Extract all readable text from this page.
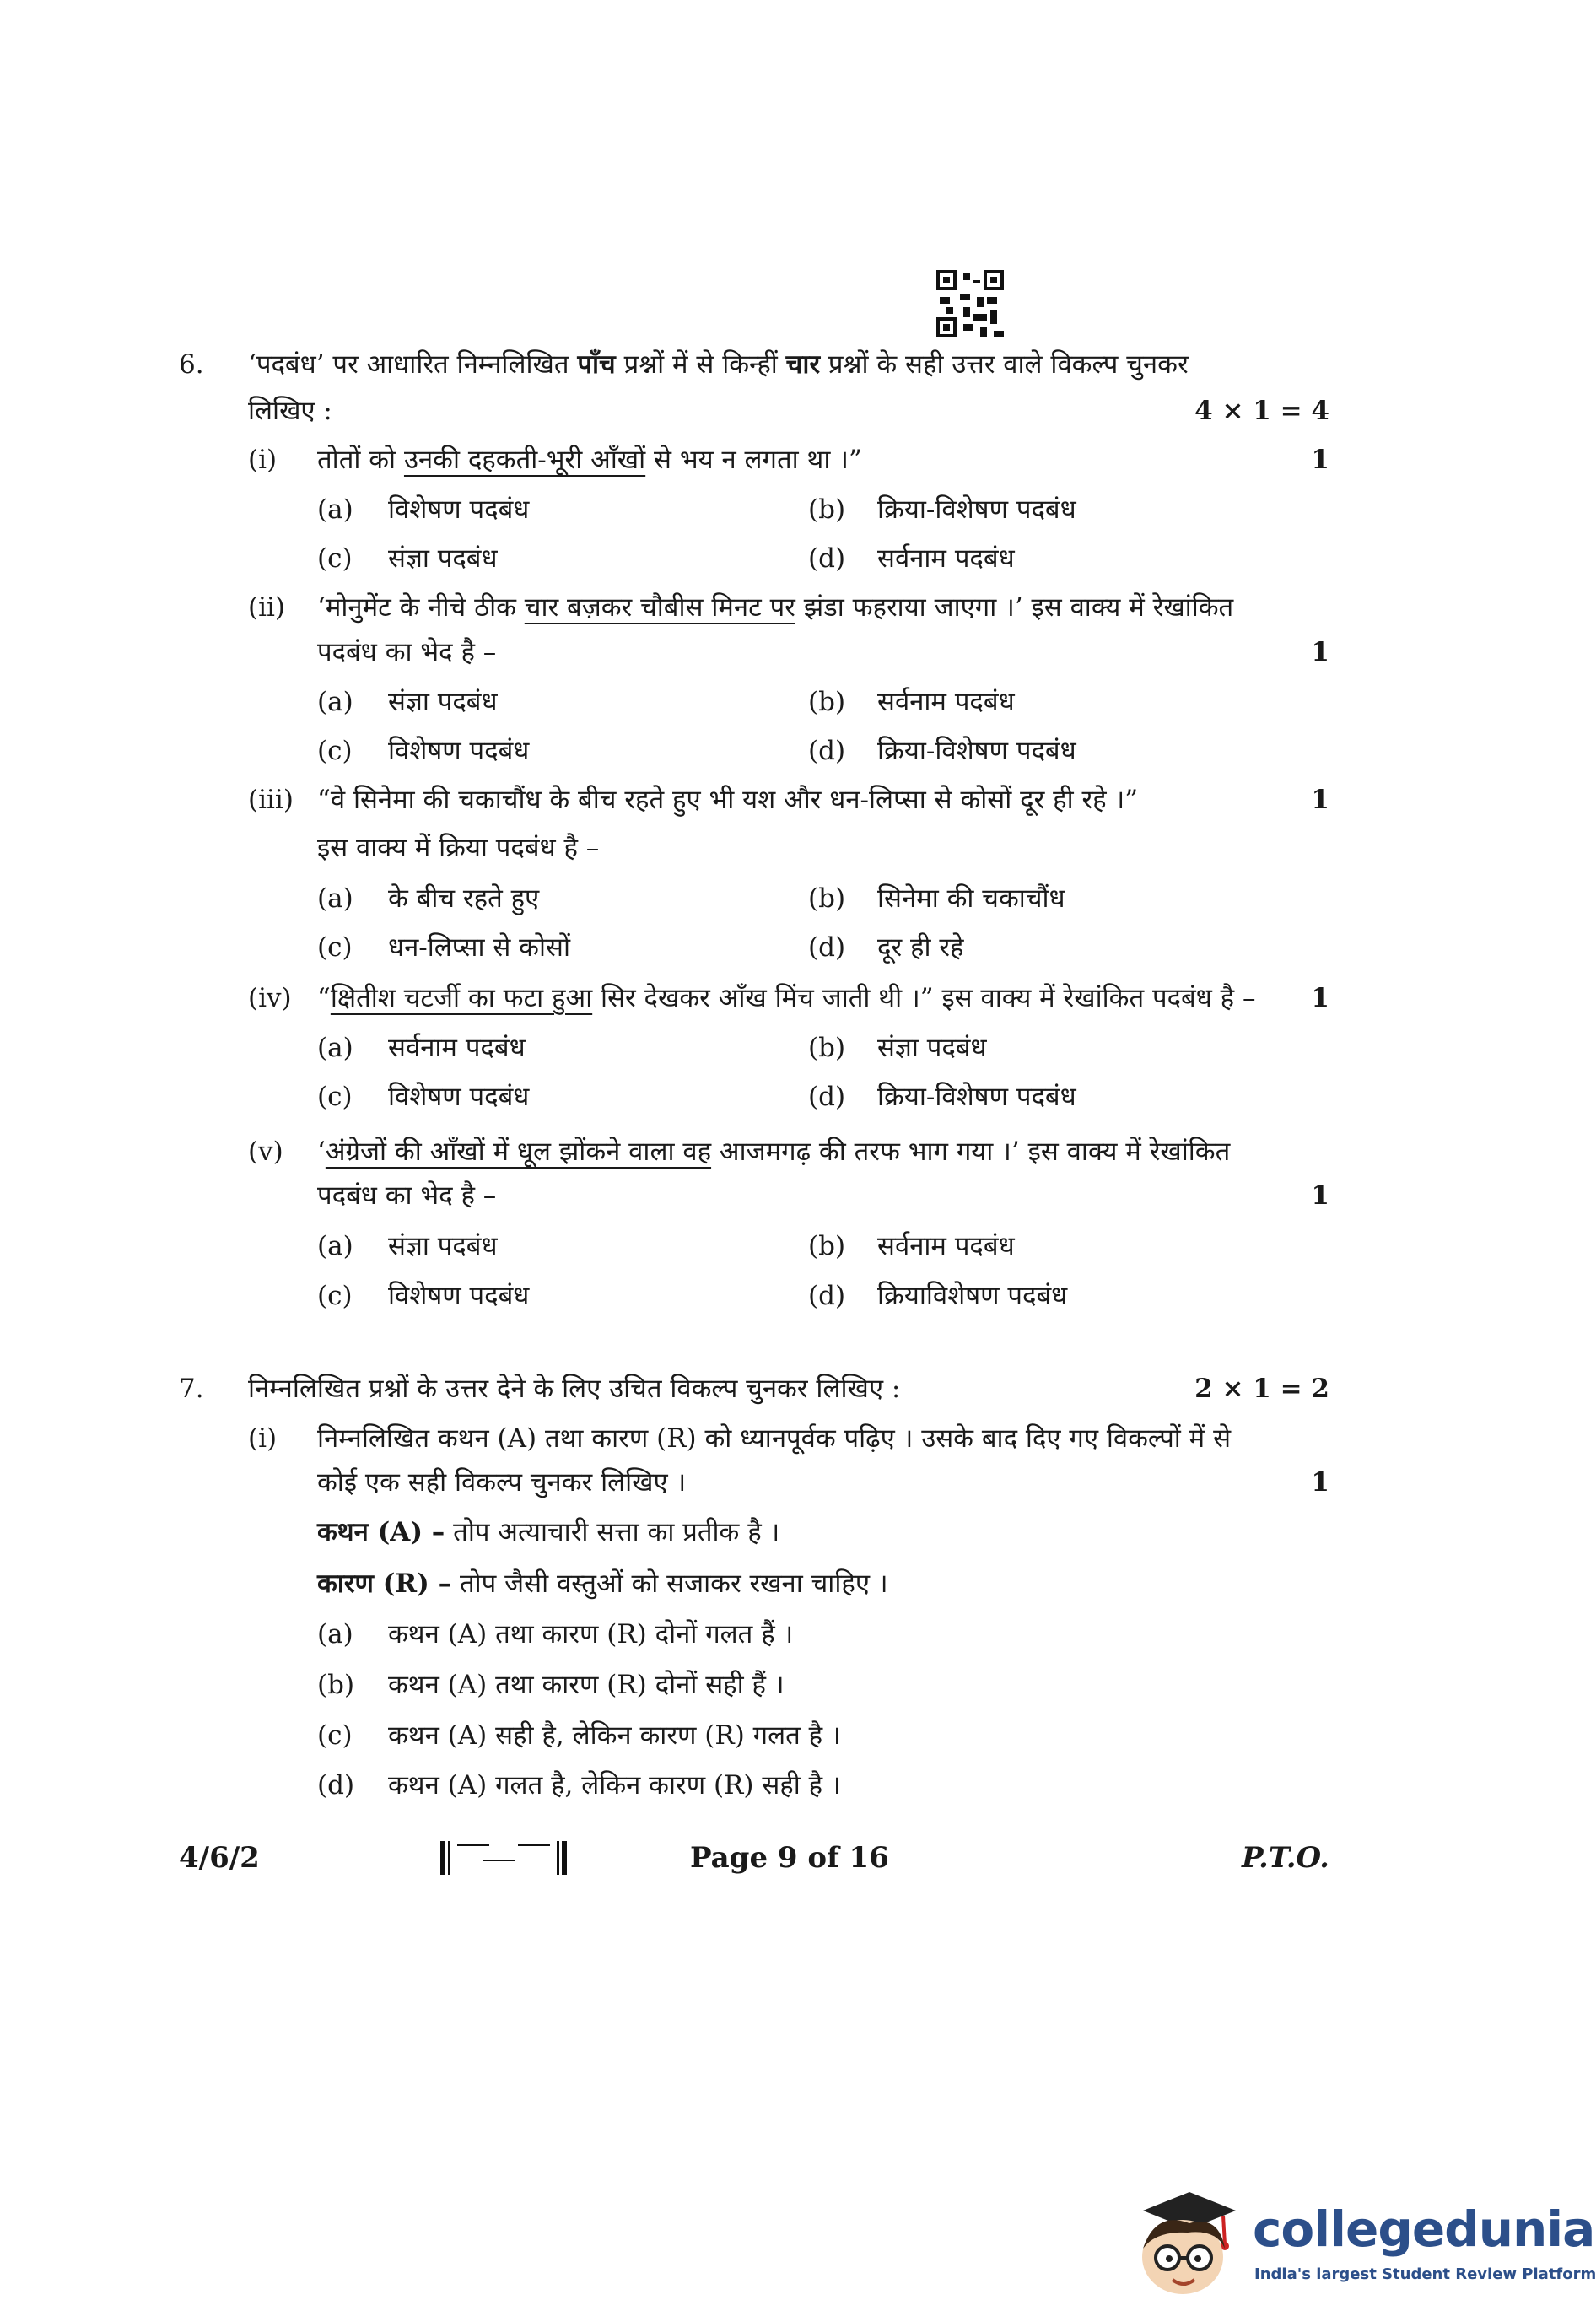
6. ‘पदबंध’ पर आधारित निम्नलिखित पाँच प्रश्नों में से किन्हीं चार प्रश्नों के सही उत्तर वाले विकल्प चुनकर
लिखिए :	4 × 1 = 4
(i) तोतों को उनकी दहकती-भूरी आँखों से भय न लगता था ।”	1
(a) विशेषण पदबंध	(b) क्रिया-विशेषण पदबंध
(c) संज्ञा पदबंध	(d) सर्वनाम पदबंध
(ii) ‘मोनुमेंट के नीचे ठीक चार बज़कर चौबीस मिनट पर झंडा फहराया जाएगा ।’ इस वाक्य में रेखांकित
पदबंध का भेद है –	1
(a) संज्ञा पदबंध	(b) सर्वनाम पदबंध
(c) विशेषण पदबंध	(d) क्रिया-विशेषण पदबंध
(iii) “वे सिनेमा की चकाचौंध के बीच रहते हुए भी यश और धन-लिप्सा से कोसों दूर ही रहे ।”	1
इस वाक्य में क्रिया पदबंध है –
(a) के बीच रहते हुए	(b) सिनेमा की चकाचौंध
(c) धन-लिप्सा से कोसों	(d) दूर ही रहे
(iv) “क्षितीश चटर्जी का फटा हुआ सिर देखकर आँख मिंच जाती थी ।” इस वाक्य में रेखांकित पदबंध है – 1
(a) सर्वनाम पदबंध	(b) संज्ञा पदबंध
(c) विशेषण पदबंध	(d) क्रिया-विशेषण पदबंध
(v) ‘अंग्रेजों की आँखों में धूल झोंकने वाला वह आजमगढ़ की तरफ भाग गया ।’ इस वाक्य में रेखांकित
पदबंध का भेद है –	1
(a) संज्ञा पदबंध	(b) सर्वनाम पदबंध
(c) विशेषण पदबंध	(d) क्रियाविशेषण पदबंध
7. निम्नलिखित प्रश्नों के उत्तर देने के लिए उचित विकल्प चुनकर लिखिए :	2 × 1 = 2
(i) निम्नलिखित कथन (A) तथा कारण (R) को ध्यानपूर्वक पढ़िए । उसके बाद दिए गए विकल्पों में से
कोई एक सही विकल्प चुनकर लिखिए ।	1
कथन (A) – तोप अत्याचारी सत्ता का प्रतीक है ।
कारण (R) – तोप जैसी वस्तुओं को सजाकर रखना चाहिए ।
(a) कथन (A) तथा कारण (R) दोनों गलत हैं ।
(b) कथन (A) तथा कारण (R) दोनों सही हैं ।
(c) कथन (A) सही है, लेकिन कारण (R) गलत है ।
(d) कथन (A) गलत है, लेकिन कारण (R) सही है ।
4/6/2	Page 9 of 16	P.T.O.
collegedunia
India's largest Student Review Platform
